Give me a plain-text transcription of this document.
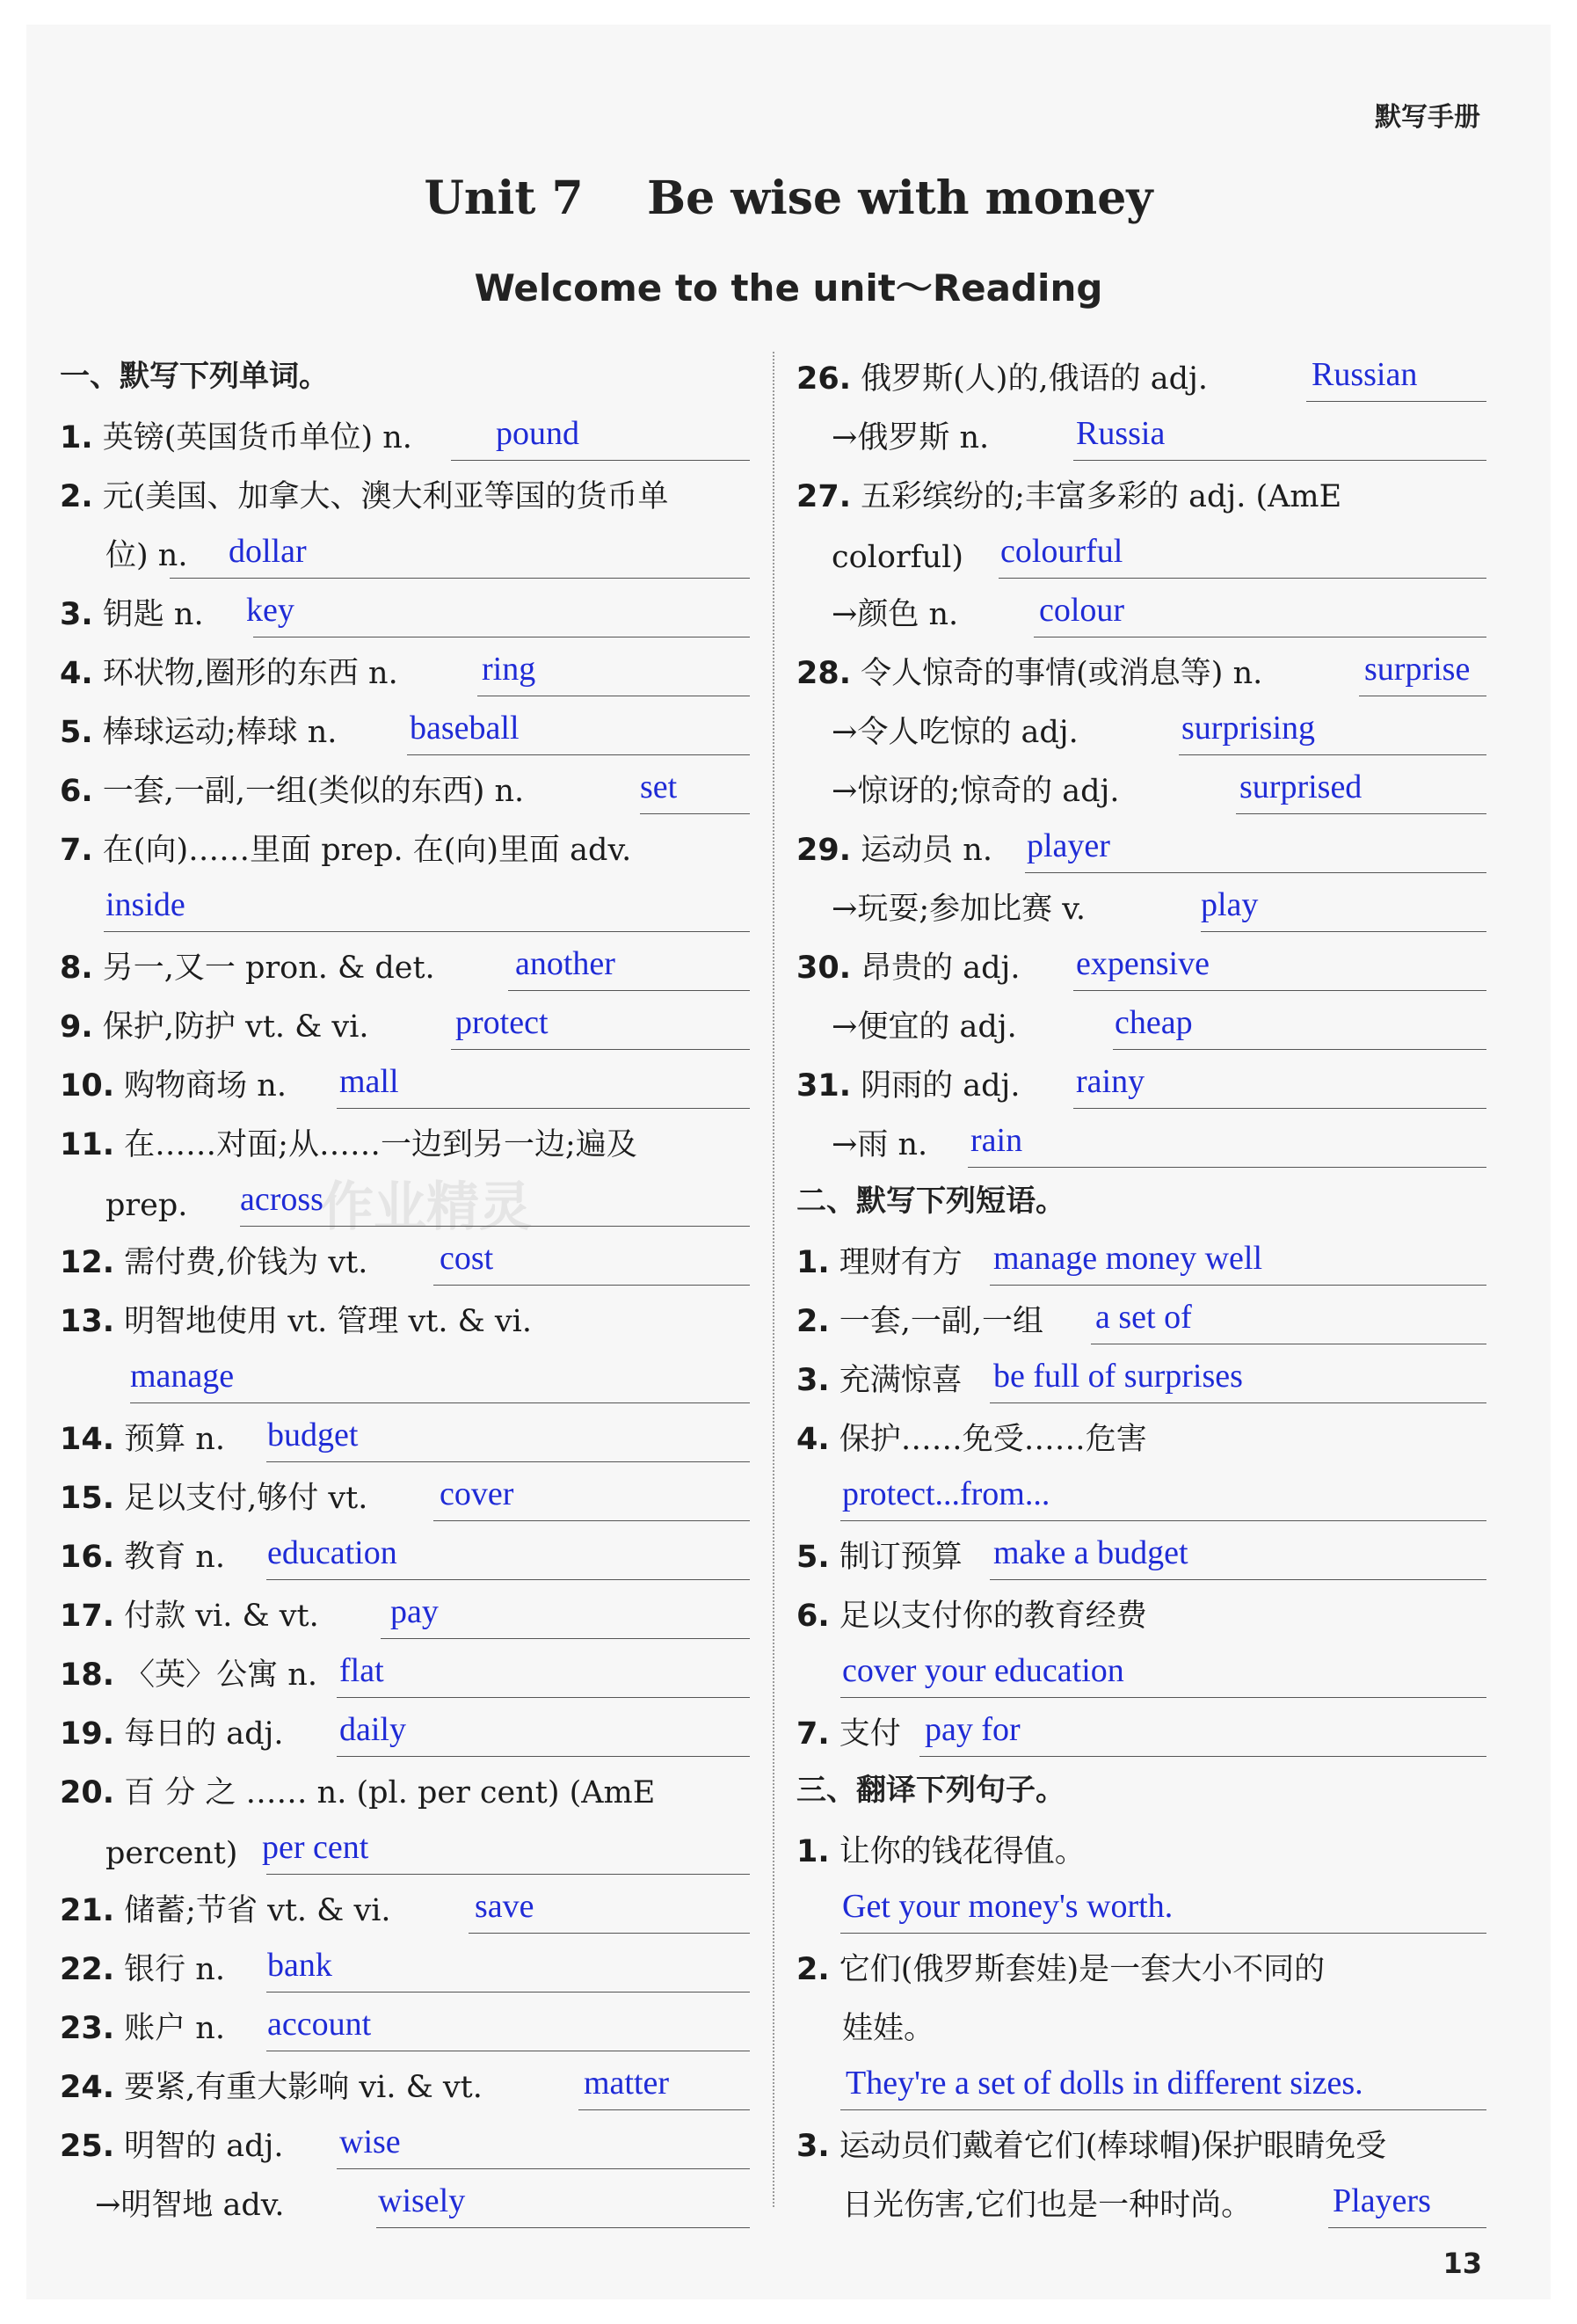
默写手册
Unit 7    Be wise with money
Welcome to the unit～Reading
作业精灵
一、默写下列单词。
1. 英镑(英国货币单位) n.	pound
2. 元(美国、加拿大、澳大利亚等国的货币单
位) n. dollar
3. 钥匙 n. key
4. 环状物,圈形的东西 n.	ring
5. 棒球运动;棒球 n. baseball
6. 一套,一副,一组(类似的东西) n.	set
7. 在(向)……里面 prep. 在(向)里面 adv.
inside
8. 另一,又一 pron. & det. another
9. 保护,防护 vt. & vi.	protect
10. 购物商场 n. mall
11. 在……对面;从……一边到另一边;遍及
prep. across
12. 需付费,价钱为 vt. cost
13. 明智地使用 vt. 管理 vt. & vi.
manage
14. 预算 n. budget
15. 足以支付,够付 vt. cover
16. 教育 n. education
17. 付款 vi. & vt. pay
18. 〈英〉公寓 n. flat
19. 每日的 adj. daily
20. 百 分 之 …… n. (pl. per cent) (AmE
percent) per cent
21. 储蓄;节省 vt. & vi.	save
22. 银行 n. bank
23. 账户 n. account
24. 要紧,有重大影响 vi. & vt.	matter
25. 明智的 adj. wise
→明智地 adv.	wisely
26. 俄罗斯(人)的,俄语的 adj.	Russian
→俄罗斯 n.	Russia
27. 五彩缤纷的;丰富多彩的 adj. (AmE
colorful) colourful
→颜色 n. colour
28. 令人惊奇的事情(或消息等) n.	surprise
→令人吃惊的 adj.	surprising
→惊讶的;惊奇的 adj.	surprised
29. 运动员 n. player
→玩耍;参加比赛 v.	play
30. 昂贵的 adj. expensive
→便宜的 adj.	cheap
31. 阴雨的 adj. rainy
→雨 n. rain
二、默写下列短语。
1. 理财有方 manage money well
2. 一套,一副,一组 a set of
3. 充满惊喜 be full of surprises
4. 保护……免受……危害
protect...from...
5. 制订预算 make a budget
6. 足以支付你的教育经费
cover your education
7. 支付 pay for
三、翻译下列句子。
1. 让你的钱花得值。
Get your money's worth.
2. 它们(俄罗斯套娃)是一套大小不同的
娃娃。
They're a set of dolls in different sizes.
3. 运动员们戴着它们(棒球帽)保护眼睛免受
日光伤害,它们也是一种时尚。 Players
13
